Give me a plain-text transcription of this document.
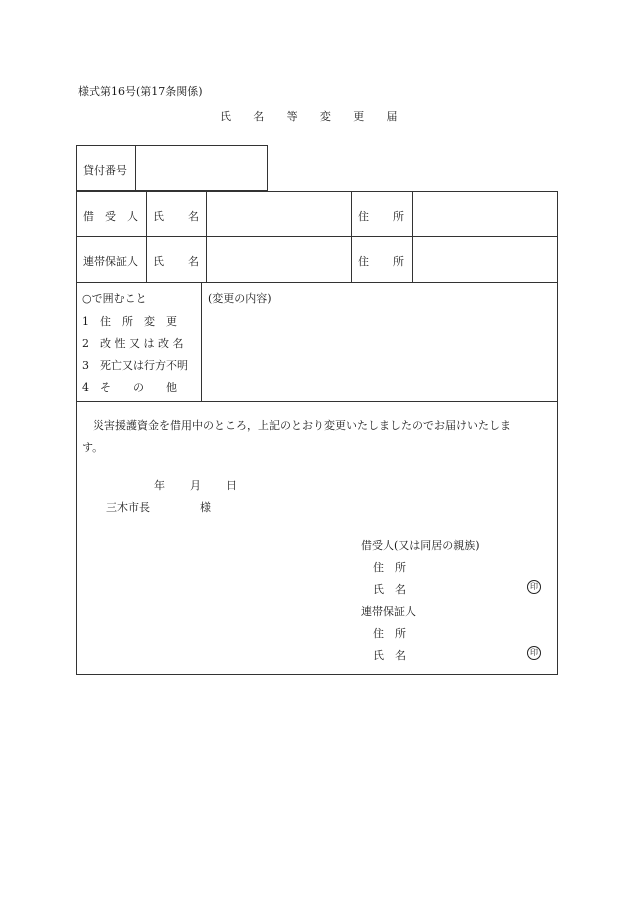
様式第16号(第17条関係)
氏 名 等 変 更 届
貸付番号
借　受　人 氏 名	住 所
連帯保証人 氏 名	住 所
○で囲むこと
1 住　所　変　更
2 改 性 又 は 改 名
3 死亡又は行方不明
4 そ　　の　　他
(変更の内容)
災害援護資金を借用中のところ，上記のとおり変更いたしましたのでお届けいたしま
す。
年 月 日
三木市長	様
借受人(又は同居の親族)
住　所
氏　名	印
連帯保証人
住　所
氏　名	印
